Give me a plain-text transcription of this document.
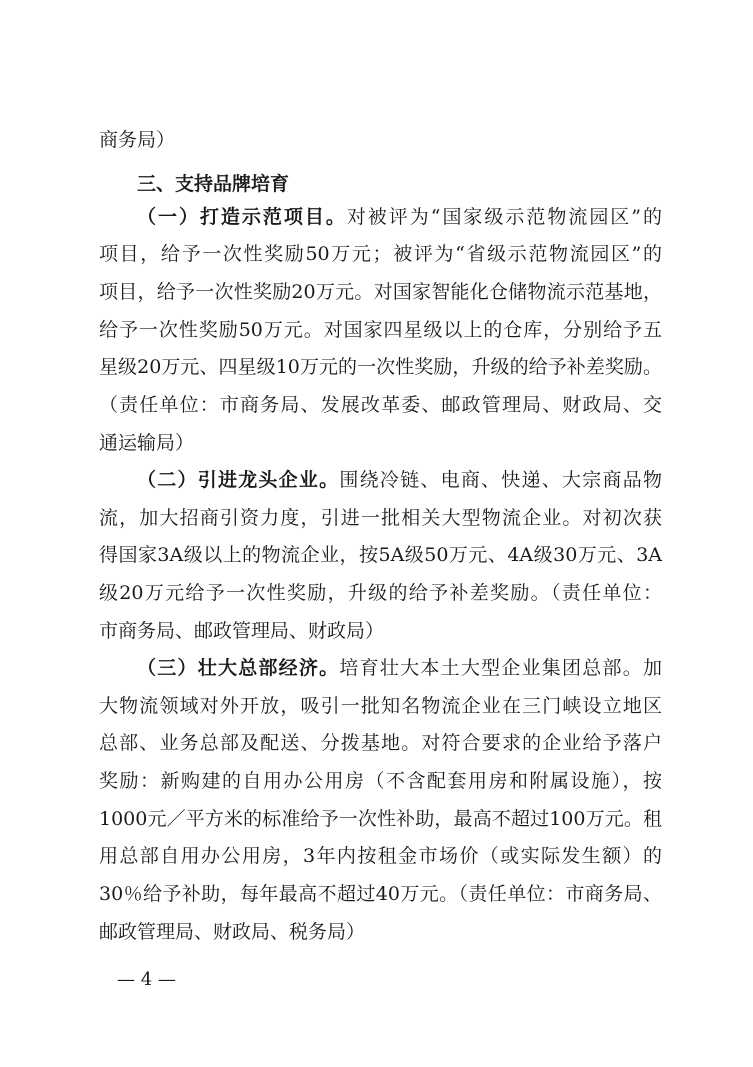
商务局）
三、支持品牌培育
（一）打造示范项目。对被评为“国家级示范物流园区”的
项目，给予一次性奖励50万元；被评为“省级示范物流园区”的
项目，给予一次性奖励20万元。对国家智能化仓储物流示范基地，
给予一次性奖励50万元。对国家四星级以上的仓库，分别给予五
星级20万元、四星级10万元的一次性奖励，升级的给予补差奖励。
（责任单位：市商务局、发展改革委、邮政管理局、财政局、交
通运输局）
（二）引进龙头企业。围绕冷链、电商、快递、大宗商品物
流，加大招商引资力度，引进一批相关大型物流企业。对初次获
得国家3A级以上的物流企业，按5A级50万元、4A级30万元、3A
级20万元给予一次性奖励，升级的给予补差奖励。（责任单位：
市商务局、邮政管理局、财政局）
（三）壮大总部经济。培育壮大本土大型企业集团总部。加
大物流领域对外开放，吸引一批知名物流企业在三门峡设立地区
总部、业务总部及配送、分拨基地。对符合要求的企业给予落户
奖励：新购建的自用办公用房（不含配套用房和附属设施），按
1000元／平方米的标准给予一次性补助，最高不超过100万元。租
用总部自用办公用房，3年内按租金市场价（或实际发生额）的
30％给予补助，每年最高不超过40万元。（责任单位：市商务局、
邮政管理局、财政局、税务局）
— 4 —
